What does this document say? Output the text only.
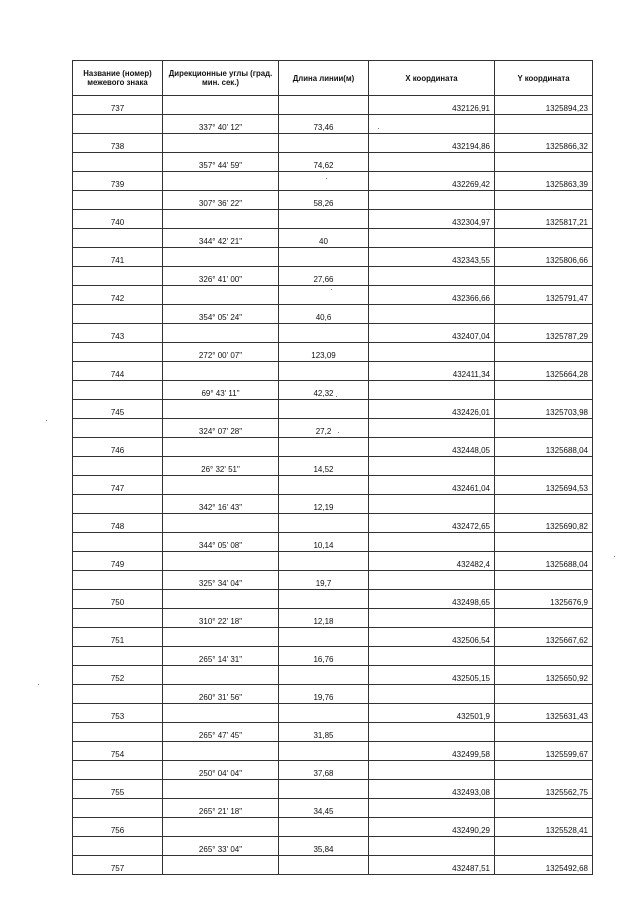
Название (номер) межевого знака	Дирекционные углы (град. мин. сек.)	Длина линии(м)	X координата	Y координата
737			432126,91	1325894,23
	337° 40' 12"	73,46		
738			432194,86	1325866,32
	357° 44' 59"	74,62		
739			432269,42	1325863,39
	307° 36' 22"	58,26		
740			432304,97	1325817,21
	344° 42' 21"	40		
741			432343,55	1325806,66
	326° 41' 00"	27,66		
742			432366,66	1325791,47
	354° 05' 24"	40,6		
743			432407,04	1325787,29
	272° 00' 07"	123,09		
744			432411,34	1325664,28
	69° 43' 11"	42,32		
745			432426,01	1325703,98
	324° 07' 28"	27,2		
746			432448,05	1325688,04
	26° 32' 51"	14,52		
747			432461,04	1325694,53
	342° 16' 43"	12,19		
748			432472,65	1325690,82
	344° 05' 08"	10,14		
749			432482,4	1325688,04
	325° 34' 04"	19,7		
750			432498,65	1325676,9
	310° 22' 18"	12,18		
751			432506,54	1325667,62
	265° 14' 31"	16,76		
752			432505,15	1325650,92
	260° 31' 56"	19,76		
753			432501,9	1325631,43
	265° 47' 45"	31,85		
754			432499,58	1325599,67
	250° 04' 04"	37,68		
755			432493,08	1325562,75
	265° 21' 18"	34,45		
756			432490,29	1325528,41
	265° 33' 04"	35,84		
757			432487,51	1325492,68
